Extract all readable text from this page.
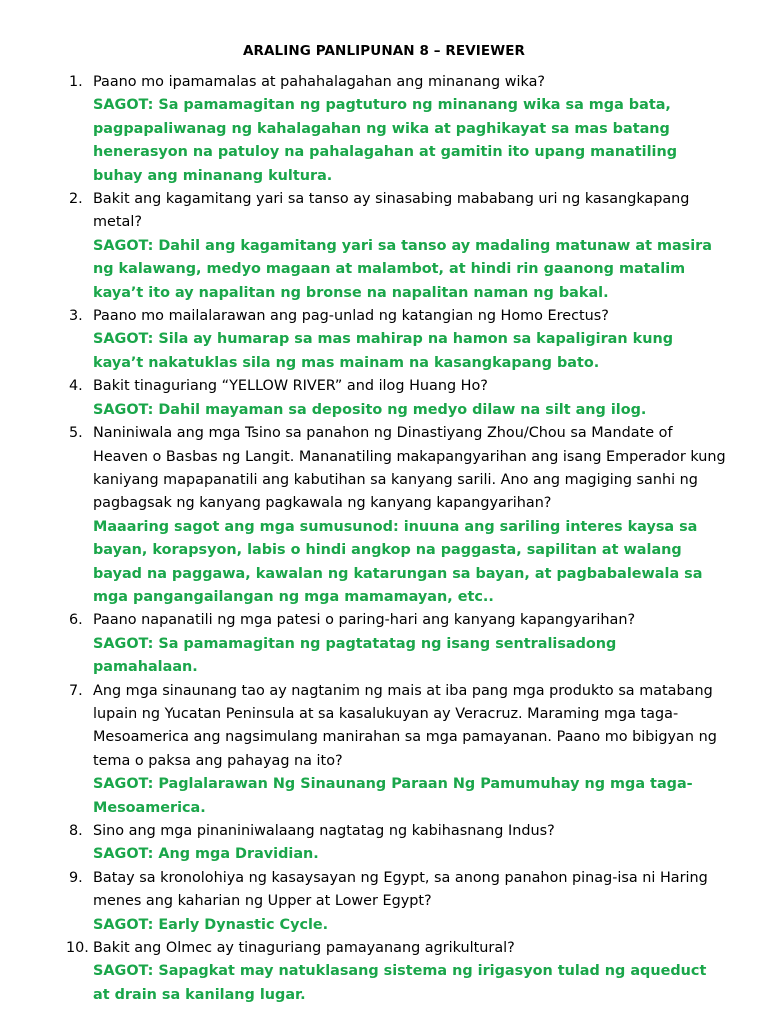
ARALING PANLIPUNAN 8 – REVIEWER
1. Paano mo ipamamalas at pahahalagahan ang minanang wika?
SAGOT: Sa pamamagitan ng pagtuturo ng minanang wika sa mga bata, pagpapaliwanag ng kahalagahan ng wika at paghikayat sa mas batang henerasyon na patuloy na pahalagahan at gamitin ito upang manatiling buhay ang minanang kultura.
2. Bakit ang kagamitang yari sa tanso ay sinasabing mababang uri ng kasangkapang metal?
SAGOT: Dahil ang kagamitang yari sa tanso ay madaling matunaw at masira ng kalawang, medyo magaan at malambot, at hindi rin gaanong matalim kaya’t ito ay napalitan ng bronse na napalitan naman ng bakal.
3. Paano mo mailalarawan ang pag-unlad ng katangian ng Homo Erectus?
SAGOT: Sila ay humarap sa mas mahirap na hamon sa kapaligiran kung kaya’t nakatuklas sila ng mas mainam na kasangkapang bato.
4. Bakit tinaguriang “YELLOW RIVER” and ilog Huang Ho?
SAGOT: Dahil mayaman sa deposito ng medyo dilaw na silt ang ilog.
5. Naniniwala ang mga Tsino sa panahon ng Dinastiyang Zhou/Chou sa Mandate of Heaven o Basbas ng Langit. Mananatiling makapangyarihan ang isang Emperador kung kaniyang mapapanatili ang kabutihan sa kanyang sarili. Ano ang magiging sanhi ng pagbagsak ng kanyang pagkawala ng kanyang kapangyarihan?
Maaaring sagot ang mga sumusunod: inuuna ang sariling interes kaysa sa bayan, korapsyon, labis o hindi angkop na paggasta, sapilitan at walang bayad na paggawa, kawalan ng katarungan sa bayan, at pagbabalewala sa mga pangangailangan ng mga mamamayan, etc..
6. Paano napanatili ng mga patesi o paring-hari ang kanyang kapangyarihan?
SAGOT: Sa pamamagitan ng pagtatatag ng isang sentralisadong pamahalaan.
7. Ang mga sinaunang tao ay nagtanim ng mais at iba pang mga produkto sa matabang lupain ng Yucatan Peninsula at sa kasalukuyan ay Veracruz. Maraming mga taga-Mesoamerica ang nagsimulang manirahan sa mga pamayanan. Paano mo bibigyan ng tema o paksa ang pahayag na ito?
SAGOT: Paglalarawan Ng Sinaunang Paraan Ng Pamumuhay ng mga taga-Mesoamerica.
8. Sino ang mga pinaniniwalaang nagtatag ng kabihasnang Indus?
SAGOT: Ang mga Dravidian.
9. Batay sa kronolohiya ng kasaysayan ng Egypt, sa anong panahon pinag-isa ni Haring menes ang kaharian ng Upper at Lower Egypt?
SAGOT: Early Dynastic Cycle.
10. Bakit ang Olmec ay tinaguriang pamayanang agrikultural?
SAGOT: Sapagkat may natuklasang sistema ng irigasyon tulad ng aqueduct at drain sa kanilang lugar.
